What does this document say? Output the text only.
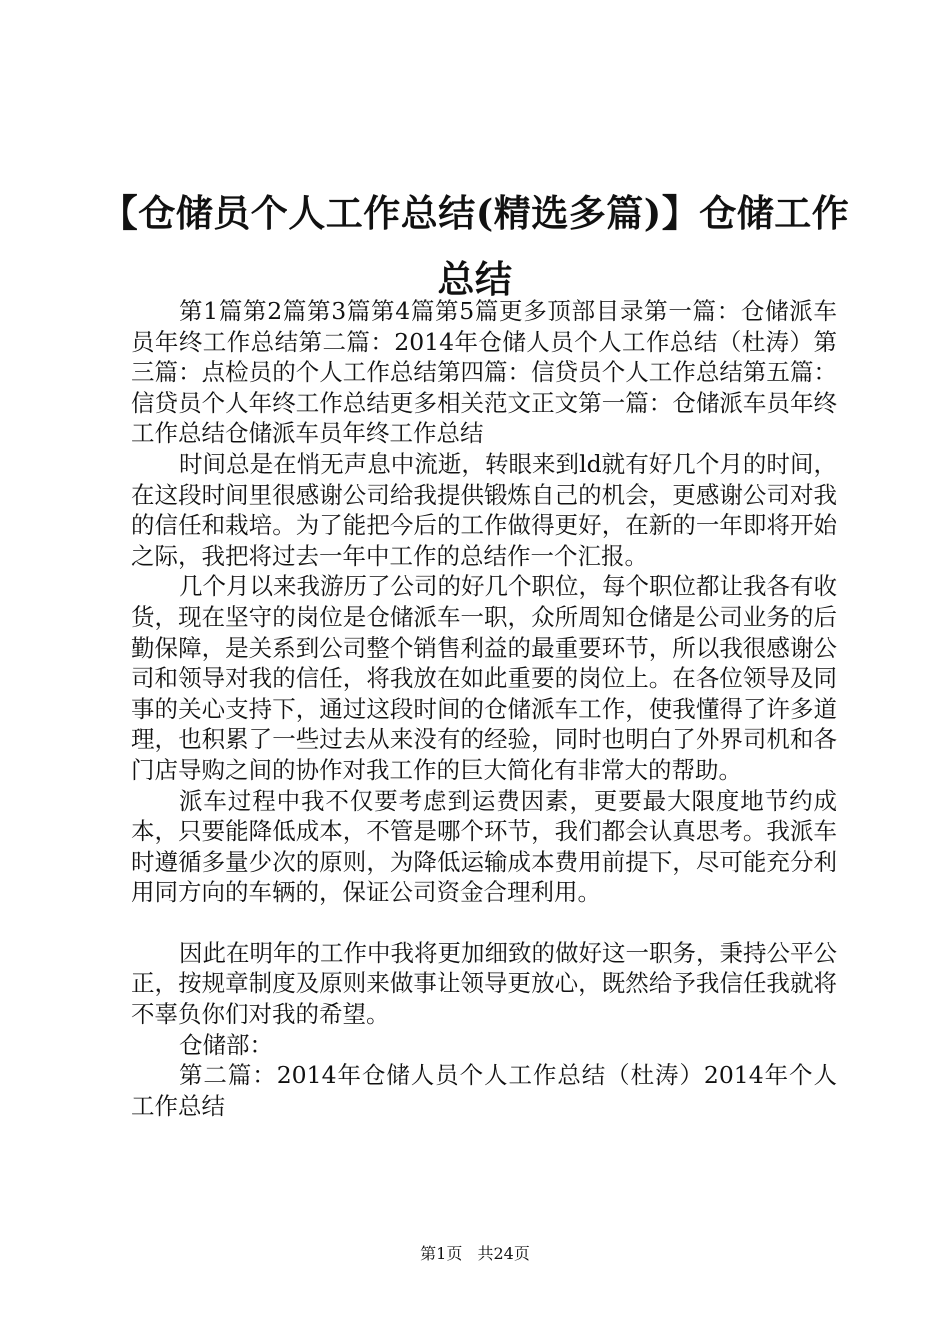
【仓储员个人工作总结(精选多篇)】仓储工作总结

第1篇第2篇第3篇第4篇第5篇更多顶部目录第一篇：仓储派车员年终工作总结第二篇：2014年仓储人员个人工作总结（杜涛）第三篇：点检员的个人工作总结第四篇：信贷员个人工作总结第五篇：信贷员个人年终工作总结更多相关范文正文第一篇：仓储派车员年终工作总结仓储派车员年终工作总结

时间总是在悄无声息中流逝，转眼来到ld就有好几个月的时间，在这段时间里很感谢公司给我提供锻炼自己的机会，更感谢公司对我的信任和栽培。为了能把今后的工作做得更好，在新的一年即将开始之际，我把将过去一年中工作的总结作一个汇报。

几个月以来我游历了公司的好几个职位，每个职位都让我各有收货，现在坚守的岗位是仓储派车一职，众所周知仓储是公司业务的后勤保障，是关系到公司整个销售利益的最重要环节，所以我很感谢公司和领导对我的信任，将我放在如此重要的岗位上。在各位领导及同事的关心支持下，通过这段时间的仓储派车工作，使我懂得了许多道理，也积累了一些过去从来没有的经验，同时也明白了外界司机和各门店导购之间的协作对我工作的巨大简化有非常大的帮助。

派车过程中我不仅要考虑到运费因素，更要最大限度地节约成本，只要能降低成本，不管是哪个环节，我们都会认真思考。我派车时遵循多量少次的原则，为降低运输成本费用前提下，尽可能充分利用同方向的车辆的，保证公司资金合理利用。

因此在明年的工作中我将更加细致的做好这一职务，秉持公平公正，按规章制度及原则来做事让领导更放心，既然给予我信任我就将不辜负你们对我的希望。

仓储部：

第二篇：2014年仓储人员个人工作总结（杜涛）2014年个人工作总结

第1页 共24页
